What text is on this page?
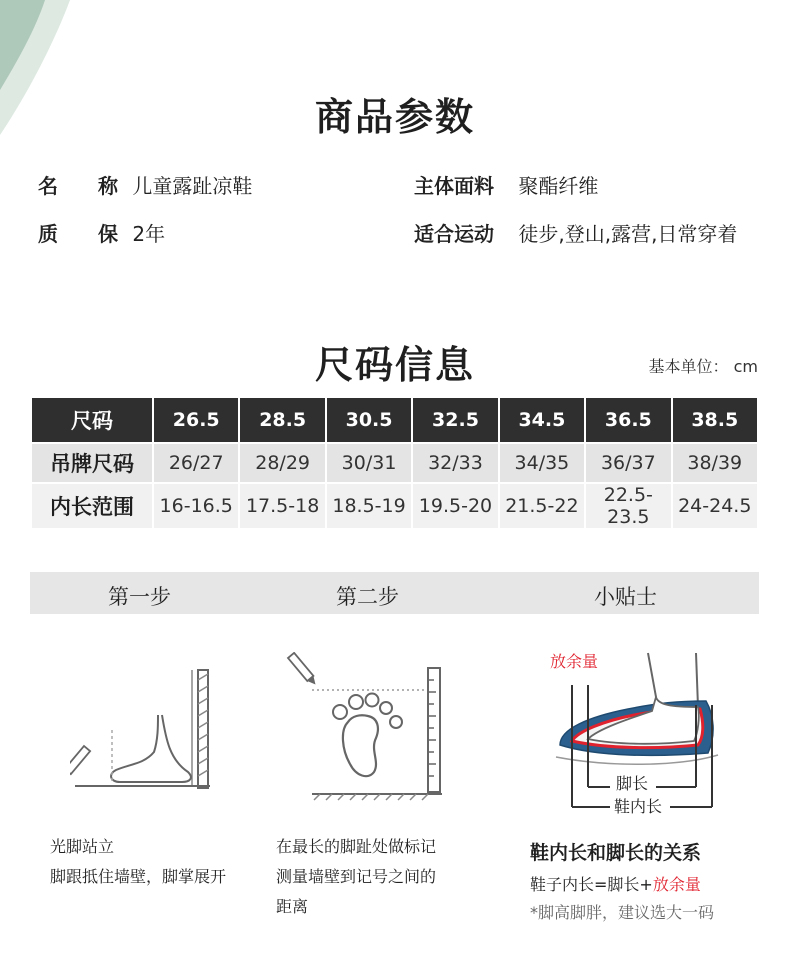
商品参数
名　　称 儿童露趾凉鞋	主体面料 聚酯纤维
质　　保 2年	适合运动 徒步,登山,露营,日常穿着
尺码信息	基本单位： cm
尺码	26.5	28.5	30.5	32.5	34.5	36.5	38.5
吊牌尺码	26/27	28/29	30/31	32/33	34/35	36/37	38/39
内长范围	16-16.5	17.5-18	18.5-19	19.5-20	21.5-22	22.5-23.5	24-24.5
第一步	第二步	小贴士
放余量
脚长
鞋内长
光脚站立
脚跟抵住墙壁，脚掌展开
在最长的脚趾处做标记
测量墙壁到记号之间的
距离
鞋内长和脚长的关系
鞋子内长=脚长+放余量
*脚高脚胖，建议选大一码
